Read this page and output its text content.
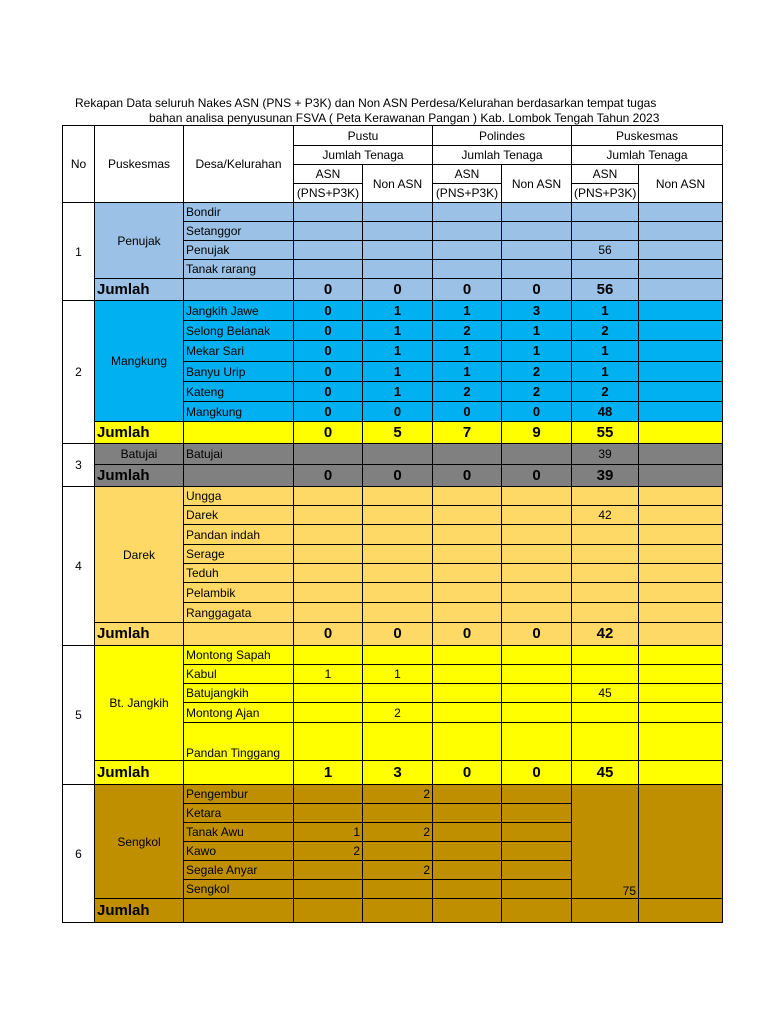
Rekapan Data seluruh Nakes ASN (PNS + P3K) dan Non ASN Perdesa/Kelurahan berdasarkan tempat tugas
bahan analisa penyusunan FSVA ( Peta Kerawanan Pangan ) Kab. Lombok Tengah Tahun 2023
No	Puskesmas	Desa/Kelurahan	Pustu		Polindes		Puskesmas	
			Jumlah Tenaga		Jumlah Tenaga		Jumlah Tenaga	
			ASN	Non ASN	ASN	Non ASN	ASN	Non ASN
			(PNS+P3K)		(PNS+P3K)		(PNS+P3K)	
1	Penujak	Bondir						
		Setanggor						
		Penujak					56	
		Tanak rarang						
	Jumlah		0	0	0	0	56	
2	Mangkung	Jangkih Jawe	0	1	1	3	1	
		Selong Belanak	0	1	2	1	2	
		Mekar Sari	0	1	1	1	1	
		Banyu Urip	0	1	1	2	1	
		Kateng	0	1	2	2	2	
		Mangkung	0	0	0	0	48	
	Jumlah		0	5	7	9	55	
3	Batujai	Batujai					39	
	Jumlah		0	0	0	0	39	
4	Darek	Ungga						
		Darek					42	
		Pandan indah						
		Serage						
		Teduh						
		Pelambik						
		Ranggagata						
	Jumlah		0	0	0	0	42	
5	Bt. Jangkih	Montong Sapah						
		Kabul	1	1				
		Batujangkih					45	
		Montong Ajan		2				
		Pandan Tinggang						
	Jumlah		1	3	0	0	45	
6	Sengkol	Pengembur		2			75	
		Ketara						
		Tanak Awu	1	2				
		Kawo	2					
		Segale Anyar		2				
		Sengkol						
	Jumlah							
